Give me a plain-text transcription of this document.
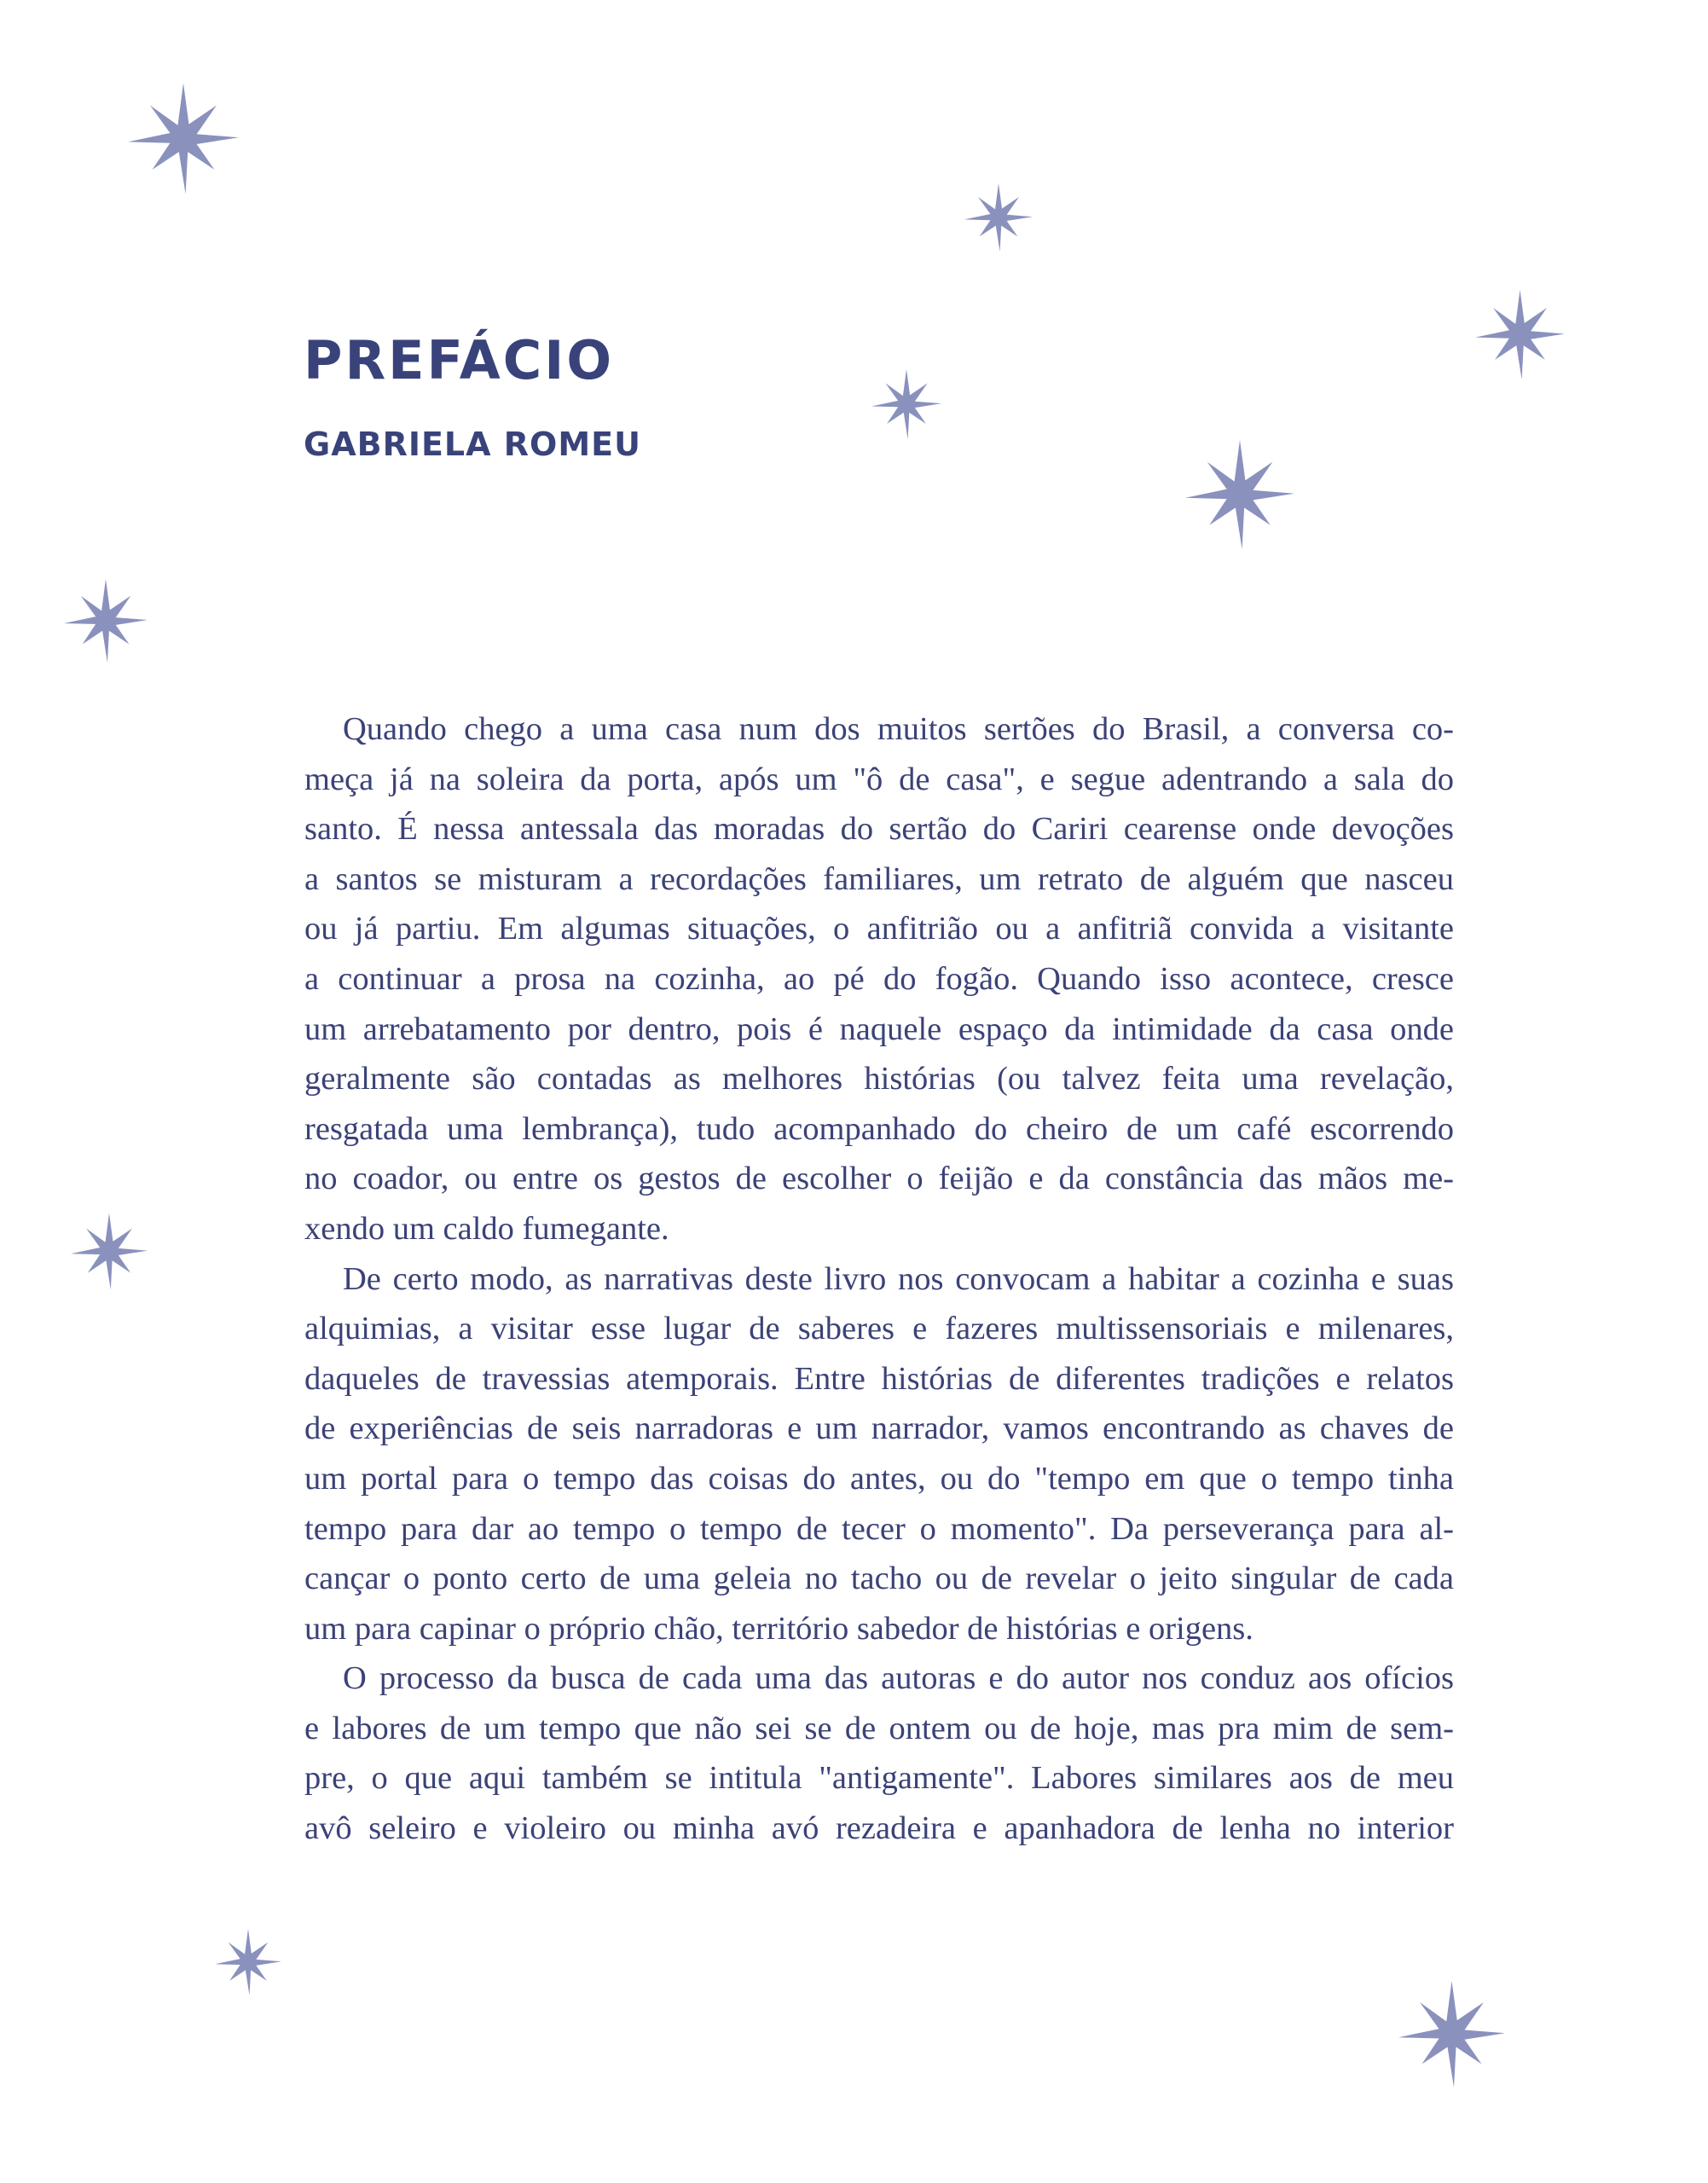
PREFÁCIO
GABRIELA ROMEU

Quando chego a uma casa num dos muitos sertões do Brasil, a conversa co-
meça já na soleira da porta, após um "ô de casa", e segue adentrando a sala do
santo. É nessa antessala das moradas do sertão do Cariri cearense onde devoções
a santos se misturam a recordações familiares, um retrato de alguém que nasceu
ou já partiu. Em algumas situações, o anfitrião ou a anfitriã convida a visitante
a continuar a prosa na cozinha, ao pé do fogão. Quando isso acontece, cresce
um arrebatamento por dentro, pois é naquele espaço da intimidade da casa onde
geralmente são contadas as melhores histórias (ou talvez feita uma revelação,
resgatada uma lembrança), tudo acompanhado do cheiro de um café escorrendo
no coador, ou entre os gestos de escolher o feijão e da constância das mãos me-
xendo um caldo fumegante.

De certo modo, as narrativas deste livro nos convocam a habitar a cozinha e suas
alquimias, a visitar esse lugar de saberes e fazeres multissensoriais e milenares,
daqueles de travessias atemporais. Entre histórias de diferentes tradições e relatos
de experiências de seis narradoras e um narrador, vamos encontrando as chaves de
um portal para o tempo das coisas do antes, ou do "tempo em que o tempo tinha
tempo para dar ao tempo o tempo de tecer o momento". Da perseverança para al-
cançar o ponto certo de uma geleia no tacho ou de revelar o jeito singular de cada
um para capinar o próprio chão, território sabedor de histórias e origens.

O processo da busca de cada uma das autoras e do autor nos conduz aos ofícios
e labores de um tempo que não sei se de ontem ou de hoje, mas pra mim de sem-
pre, o que aqui também se intitula "antigamente". Labores similares aos de meu
avô seleiro e violeiro ou minha avó rezadeira e apanhadora de lenha no interior
